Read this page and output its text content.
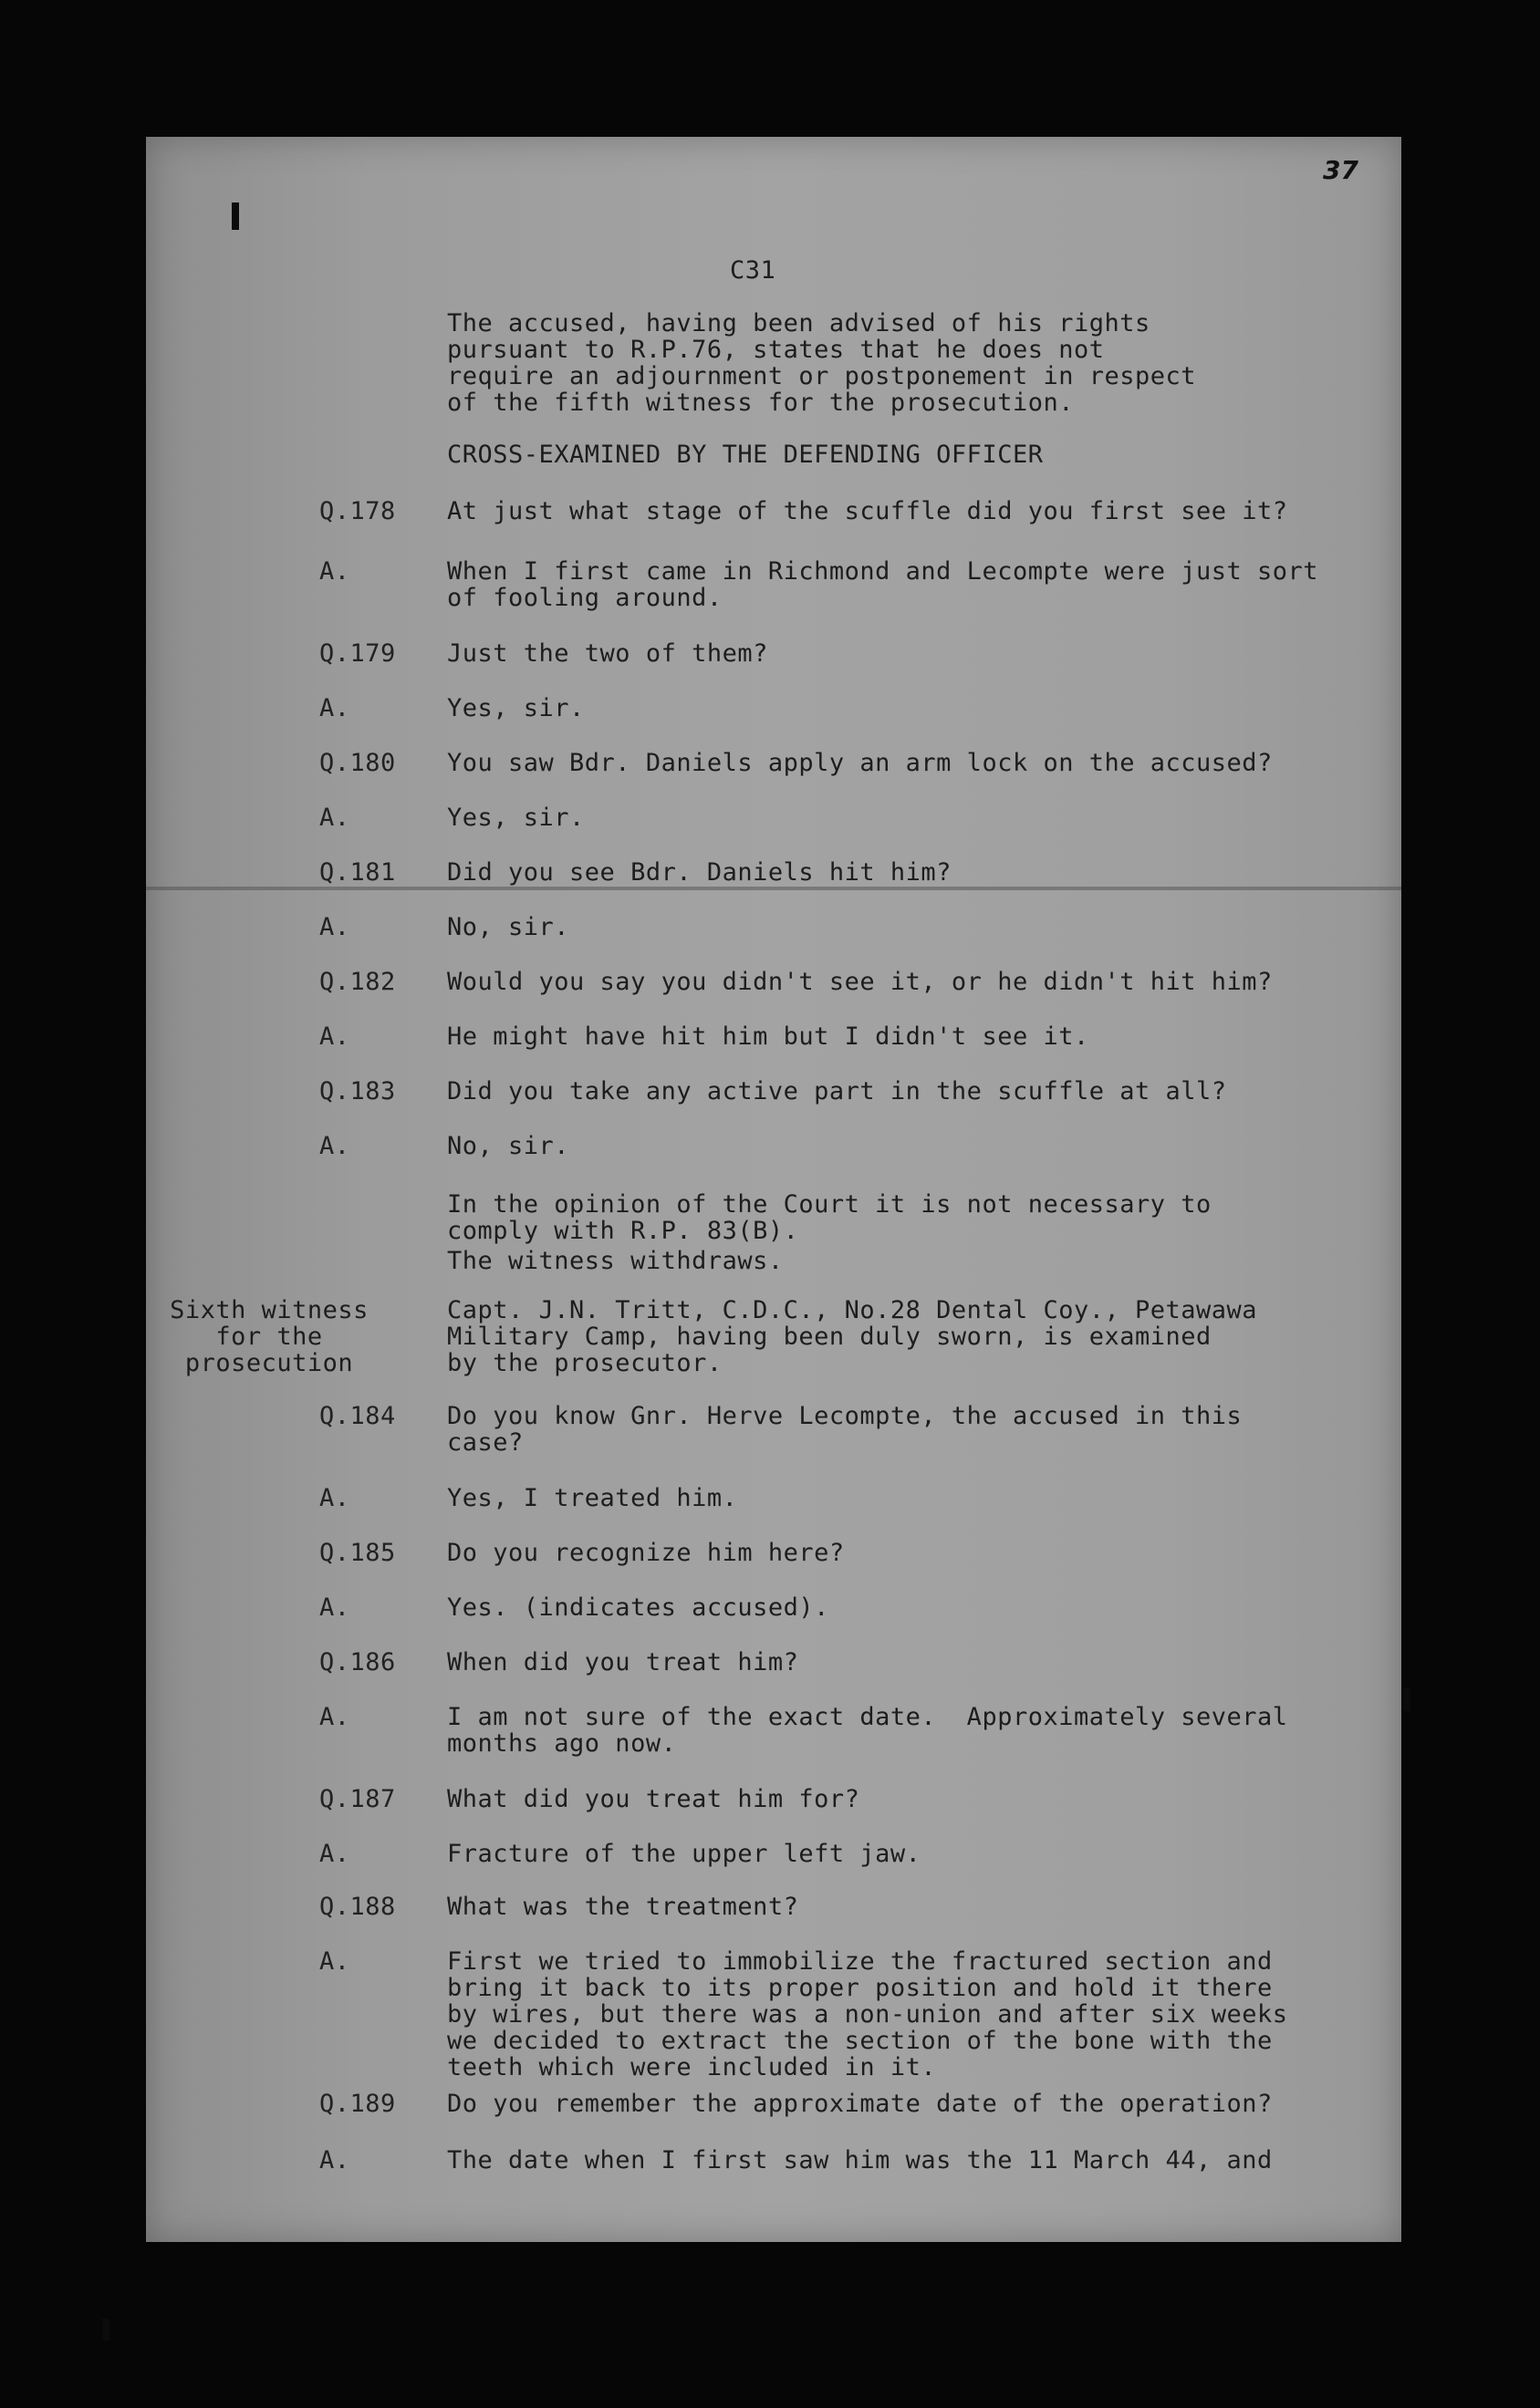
37
C31
The accused, having been advised of his rights
pursuant to R.P.76, states that he does not
require an adjournment or postponement in respect
of the fifth witness for the prosecution.
CROSS-EXAMINED BY THE DEFENDING OFFICER
Q.178 At just what stage of the scuffle did you first see it?
A.	When I first came in Richmond and Lecompte were just sort
of fooling around.
Q.179 Just the two of them?
A.	Yes, sir.
Q.180 You saw Bdr. Daniels apply an arm lock on the accused?
A.	Yes, sir.
Q.181 Did you see Bdr. Daniels hit him?
A.	No, sir.
Q.182 Would you say you didn't see it, or he didn't hit him?
A.	He might have hit him but I didn't see it.
Q.183 Did you take any active part in the scuffle at all?
A.	No, sir.
In the opinion of the Court it is not necessary to
comply with R.P. 83(B).
The witness withdraws.
Sixth witness
for the
prosecution
Capt. J.N. Tritt, C.D.C., No.28 Dental Coy., Petawawa
Military Camp, having been duly sworn, is examined
by the prosecutor.
Q.184 Do you know Gnr. Herve Lecompte, the accused in this
case?
A.	Yes, I treated him.
Q.185 Do you recognize him here?
A.	Yes. (indicates accused).
Q.186 When did you treat him?
A.	I am not sure of the exact date.  Approximately several
months ago now.
Q.187 What did you treat him for?
A.	Fracture of the upper left jaw.
Q.188 What was the treatment?
A.	First we tried to immobilize the fractured section and
bring it back to its proper position and hold it there
by wires, but there was a non-union and after six weeks
we decided to extract the section of the bone with the
teeth which were included in it.
Q.189 Do you remember the approximate date of the operation?
A.	The date when I first saw him was the 11 March 44, and
